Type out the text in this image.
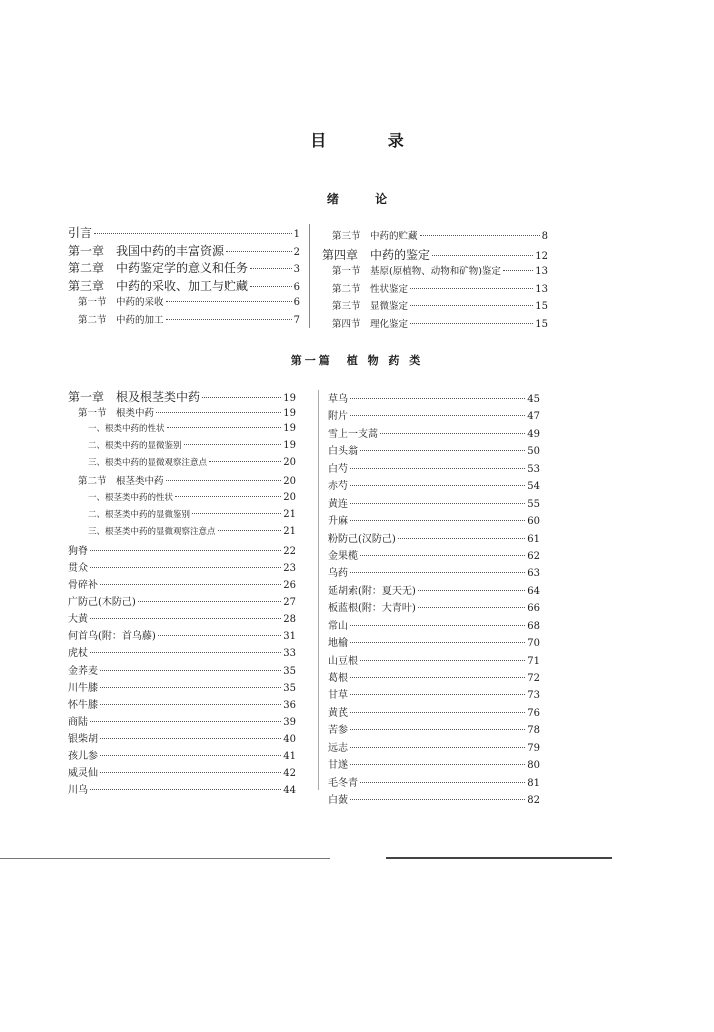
目 录
绪 论
引言	1
第一章　我国中药的丰富资源	2
第二章　中药鉴定学的意义和任务	3
第三章　中药的采收、加工与贮藏	6
第一节　中药的采收	6
第二节　中药的加工	7
第三节　中药的贮藏	8
第四章　中药的鉴定	12
第一节　基原(原植物、动物和矿物)鉴定	13
第二节　性状鉴定	13
第三节　显微鉴定	15
第四节　理化鉴定	15
第一篇　植 物 药 类
第一章　根及根茎类中药	19
第一节　根类中药	19
一、根类中药的性状	19
二、根类中药的显微鉴别	19
三、根类中药的显微观察注意点	20
第二节　根茎类中药	20
一、根茎类中药的性状	20
二、根茎类中药的显微鉴别	21
三、根茎类中药的显微观察注意点	21
狗脊	22
贯众	23
骨碎补	26
广防己(木防己)	27
大黄	28
何首乌(附：首乌藤)	31
虎杖	33
金荞麦	35
川牛膝	35
怀牛膝	36
商陆	39
银柴胡	40
孩儿参	41
威灵仙	42
川乌	44
草乌	45
附片	47
雪上一支蒿	49
白头翁	50
白芍	53
赤芍	54
黄连	55
升麻	60
粉防己(汉防己)	61
金果榄	62
乌药	63
延胡索(附：夏天无)	64
板蓝根(附：大青叶)	66
常山	68
地榆	70
山豆根	71
葛根	72
甘草	73
黄芪	76
苦参	78
远志	79
甘遂	80
毛冬青	81
白蔹	82
